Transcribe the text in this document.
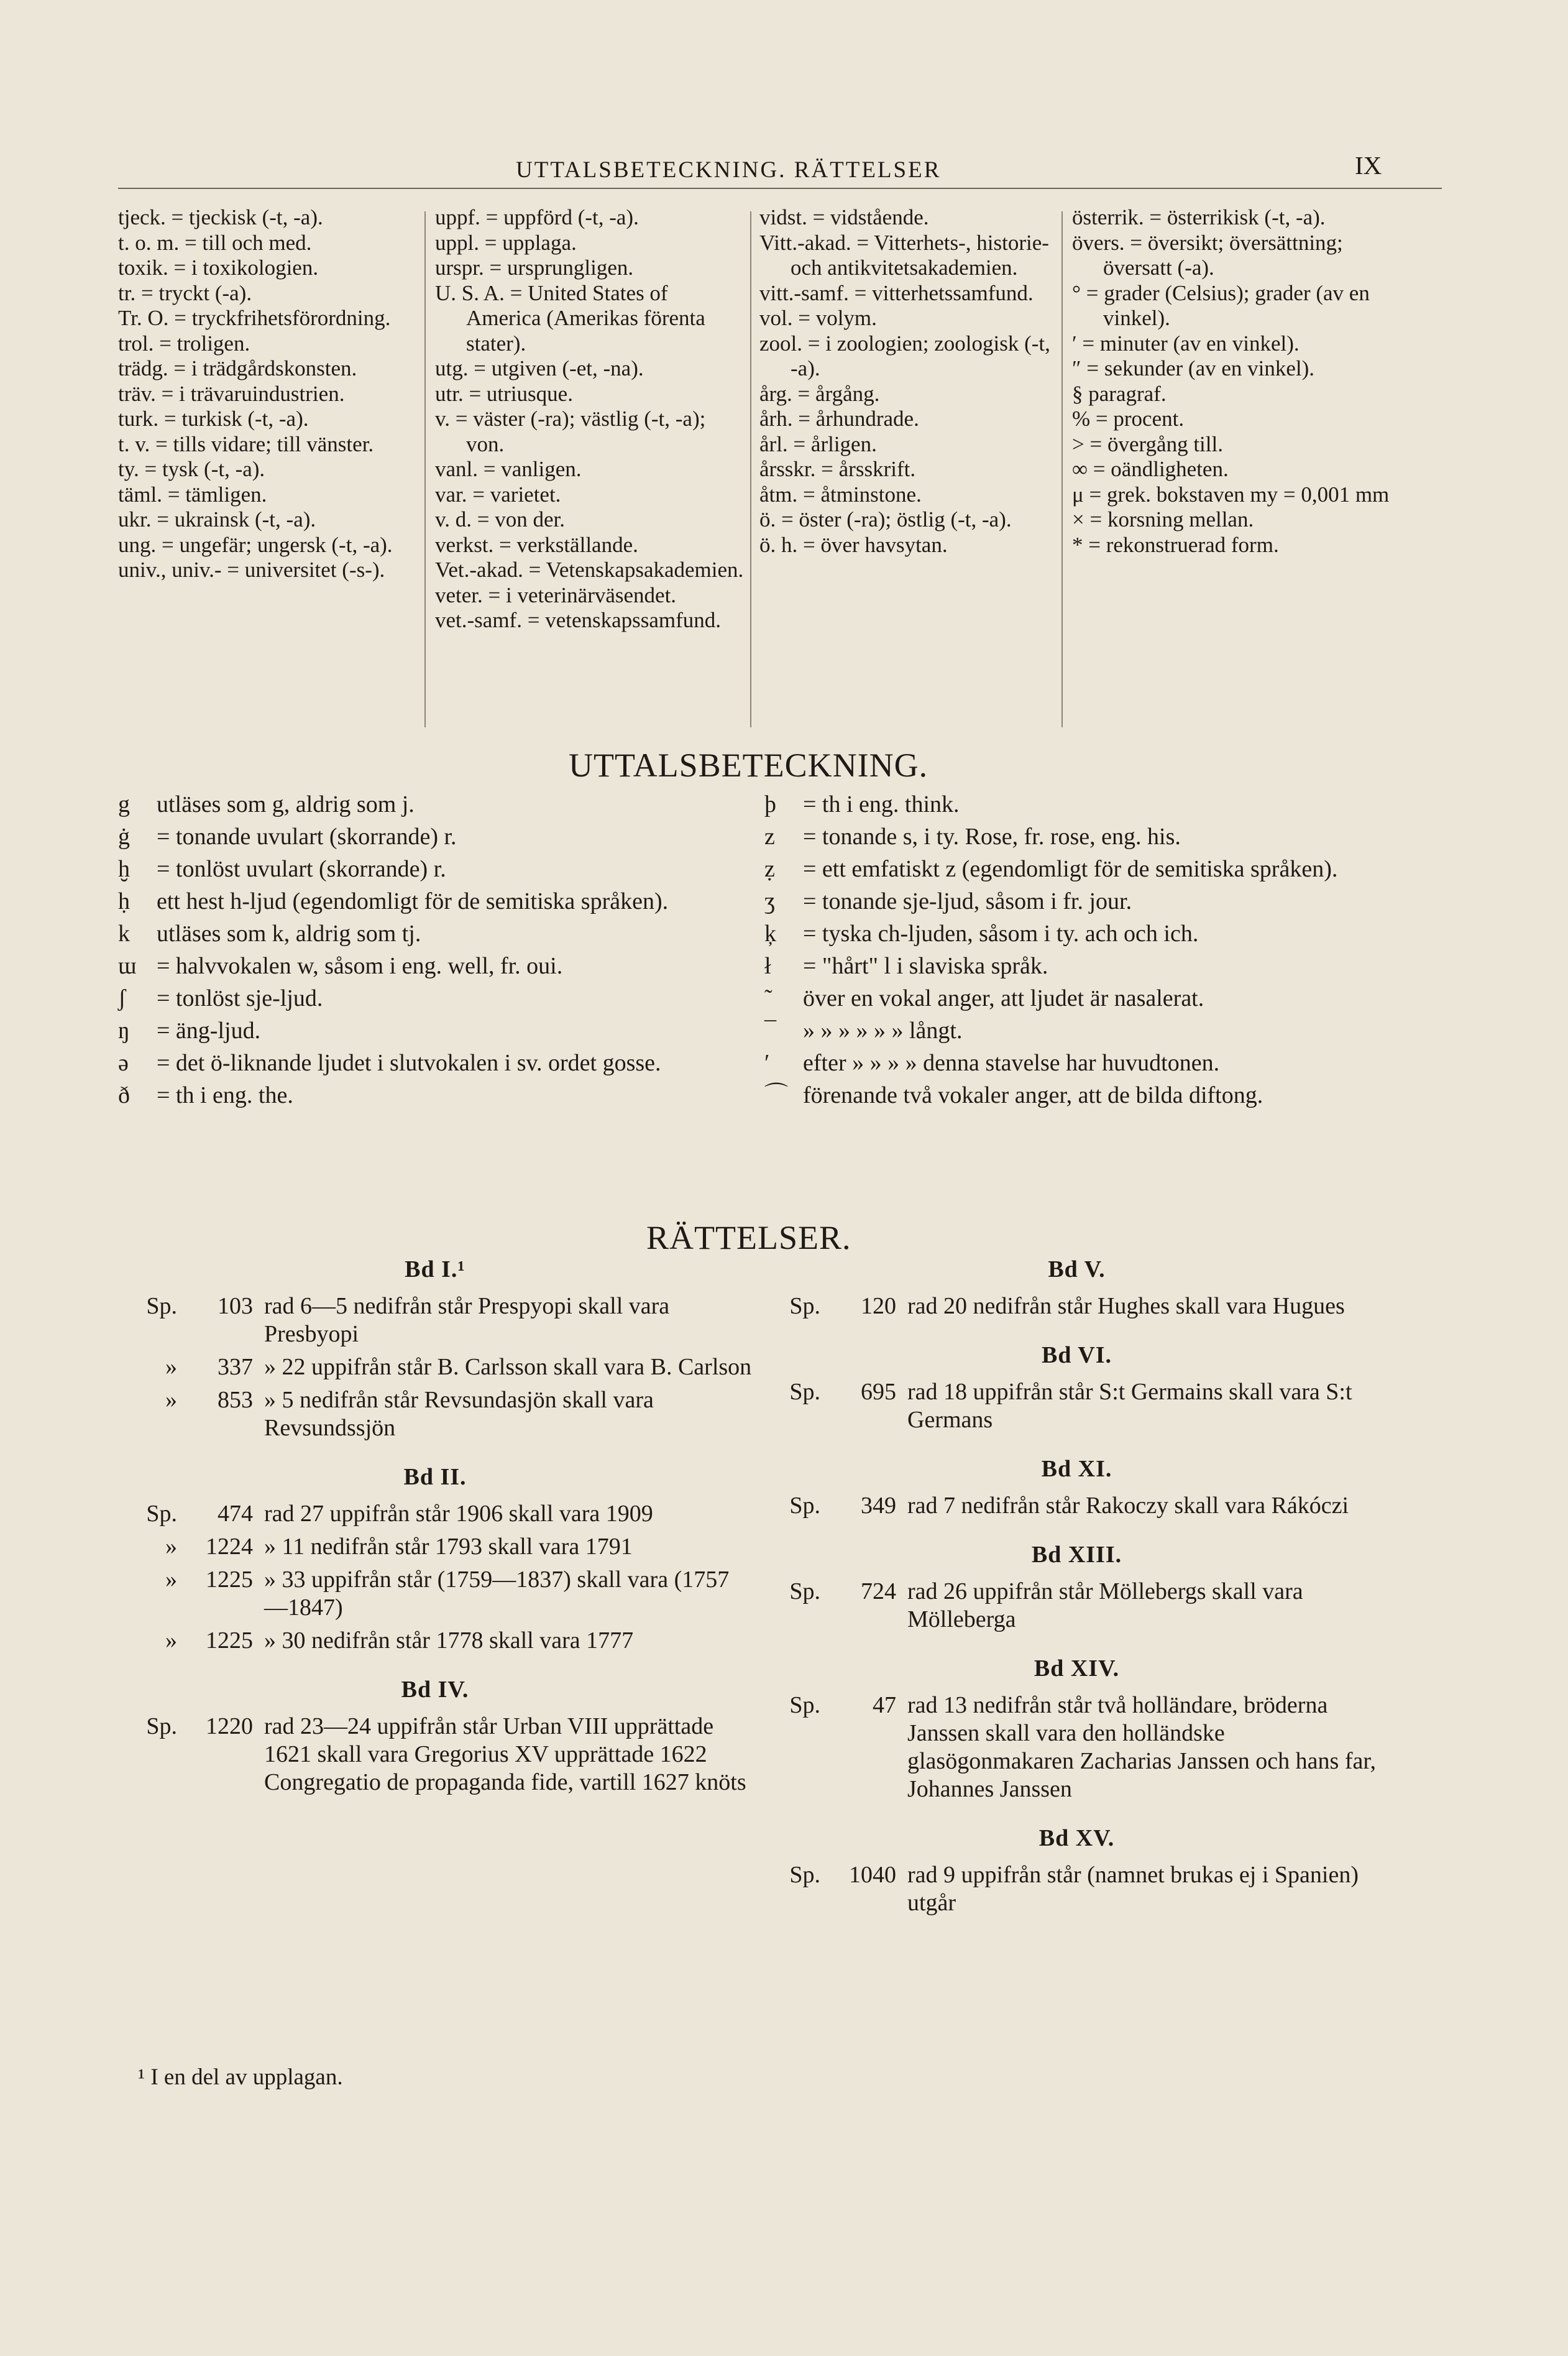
UTTALSBETECKNING. RÄTTELSER	IX
tjeck. = tjeckisk (-t, -a).
t. o. m. = till och med.
toxik. = i toxikologien.
tr. = tryckt (-a).
Tr. O. = tryckfrihetsförordning.
trol. = troligen.
trädg. = i trädgårdskonsten.
träv. = i trävaruindustrien.
turk. = turkisk (-t, -a).
t. v. = tills vidare; till vänster.
ty. = tysk (-t, -a).
täml. = tämligen.
ukr. = ukrainsk (-t, -a).
ung. = ungefär; ungersk (-t, -a).
univ., univ.- = universitet (-s-).
uppf. = uppförd (-t, -a).
uppl. = upplaga.
urspr. = ursprungligen.
U. S. A. = United States of America (Amerikas förenta stater).
utg. = utgiven (-et, -na).
utr. = utriusque.
v. = väster (-ra); västlig (-t, -a); von.
vanl. = vanligen.
var. = varietet.
v. d. = von der.
verkst. = verkställande.
Vet.-akad. = Vetenskapsakademien.
veter. = i veterinärväsendet.
vet.-samf. = vetenskapssamfund.
vidst. = vidstående.
Vitt.-akad. = Vitterhets-, historie- och antikvitetsakademien.
vitt.-samf. = vitterhetssamfund.
vol. = volym.
zool. = i zoologien; zoologisk (-t, -a).
årg. = årgång.
årh. = århundrade.
årl. = årligen.
årsskr. = årsskrift.
åtm. = åtminstone.
ö. = öster (-ra); östlig (-t, -a).
ö. h. = över havsytan.
österrik. = österrikisk (-t, -a).
övers. = översikt; översättning; översatt (-a).
° = grader (Celsius); grader (av en vinkel).
′ = minuter (av en vinkel).
″ = sekunder (av en vinkel).
§ paragraf.
% = procent.
> = övergång till.
∞ = oändligheten.
μ = grek. bokstaven my = 0,001 mm
× = korsning mellan.
* = rekonstruerad form.
UTTALSBETECKNING.
g utläses som g, aldrig som j.
ġ = tonande uvulart (skorrande) r.
ḫ = tonlöst uvulart (skorrande) r.
ḥ ett hest h-ljud (egendomligt för de semitiska språken).
k utläses som k, aldrig som tj.
ɯ = halvvokalen w, såsom i eng. well, fr. oui.
ʃ = tonlöst sje-ljud.
ŋ = äng-ljud.
ə = det ö-liknande ljudet i slutvokalen i sv. ordet gosse.
ð = th i eng. the.
þ = th i eng. think.
z = tonande s, i ty. Rose, fr. rose, eng. his.
ẓ = ett emfatiskt z (egendomligt för de semitiska språken).
ʒ = tonande sje-ljud, såsom i fr. jour.
ķ = tyska ch-ljuden, såsom i ty. ach och ich.
ł = "hårt" l i slaviska språk.
˜ över en vokal anger, att ljudet är nasalerat.
¯ » » » » » » långt.
ʹ efter » » » » denna stavelse har huvudtonen.
⌒ förenande två vokaler anger, att de bilda diftong.
RÄTTELSER.
Bd I.¹
Sp.	103 rad 6—5 nedifrån står Prespyopi skall vara Presbyopi
»	337 » 22 uppifrån står B. Carlsson skall vara B. Carlson
»	853 » 5 nedifrån står Revsundasjön skall vara Revsundssjön
Bd II.
Sp.	474 rad 27 uppifrån står 1906 skall vara 1909
»	1224 » 11 nedifrån står 1793 skall vara 1791
»	1225 » 33 uppifrån står (1759—1837) skall vara (1757—1847)
»	1225 » 30 nedifrån står 1778 skall vara 1777
Bd IV.
Sp.	1220 rad 23—24 uppifrån står Urban VIII upprättade 1621 skall vara Gregorius XV upprättade 1622 Congregatio de propaganda fide, vartill 1627 knöts
Bd V.
Sp.	120 rad 20 nedifrån står Hughes skall vara Hugues
Bd VI.
Sp.	695 rad 18 uppifrån står S:t Germains skall vara S:t Germans
Bd XI.
Sp.	349 rad 7 nedifrån står Rakoczy skall vara Rákóczi
Bd XIII.
Sp.	724 rad 26 uppifrån står Möllebergs skall vara Mölleberga
Bd XIV.
Sp.	47 rad 13 nedifrån står två holländare, bröderna Janssen skall vara den holländske glasögonmakaren Zacharias Janssen och hans far, Johannes Janssen
Bd XV.
Sp.	1040 rad 9 uppifrån står (namnet brukas ej i Spanien) utgår
¹ I en del av upplagan.
